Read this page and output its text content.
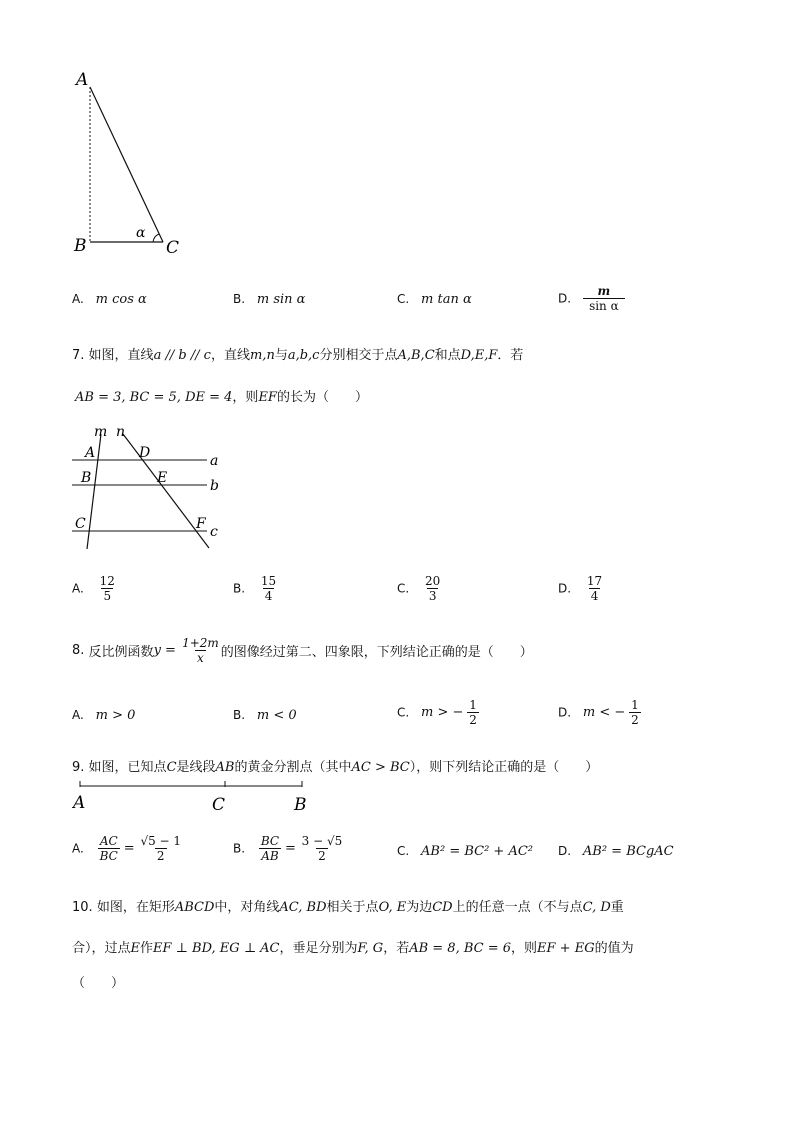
A
B	C
α
A. m cos α	B. m sin α	C. m tan α	D. $\frac{m}{\text{sin α}}$
7. 如图，直线a // b // c，直线m,n与a,b,c分别相交于点A,B,C和点D,E,F．若
AB = 3, BC = 5, DE = 4，则EF的长为（　　）
m n
A	D	a
B	E	b
C	F c
A. $\frac{12}{5}$	B. $\frac{15}{4}$	C. $\frac{20}{3}$	D. $\frac{17}{4}$
8. 反比例函数$y = \frac{1+2m}{x}$ 的图像经过第二、四象限，下列结论正确的是（　　）
A. m > 0	B. m < 0	C. m > − $\frac{1}{2}$	D. m < − $\frac{1}{2}$
9. 如图，已知点C是线段AB的黄金分割点（其中AC > BC），则下列结论正确的是（　　）
A	C	B
A. $\frac{AC}{BC} = \frac{√5 - 1}{2}$	B. $\frac{BC}{AB} = \frac{3 - √5}{2}$	C. AB² = BC² + AC² D. AB² = BCgAC
10. 如图，在矩形ABCD中，对角线AC, BD相关于点O, E为边CD上的任意一点（不与点C, D重
合），过点E作EF ⊥ BD, EG ⊥ AC，垂足分别为F, G，若AB = 8, BC = 6，则EF + EG的值为
（　　）
